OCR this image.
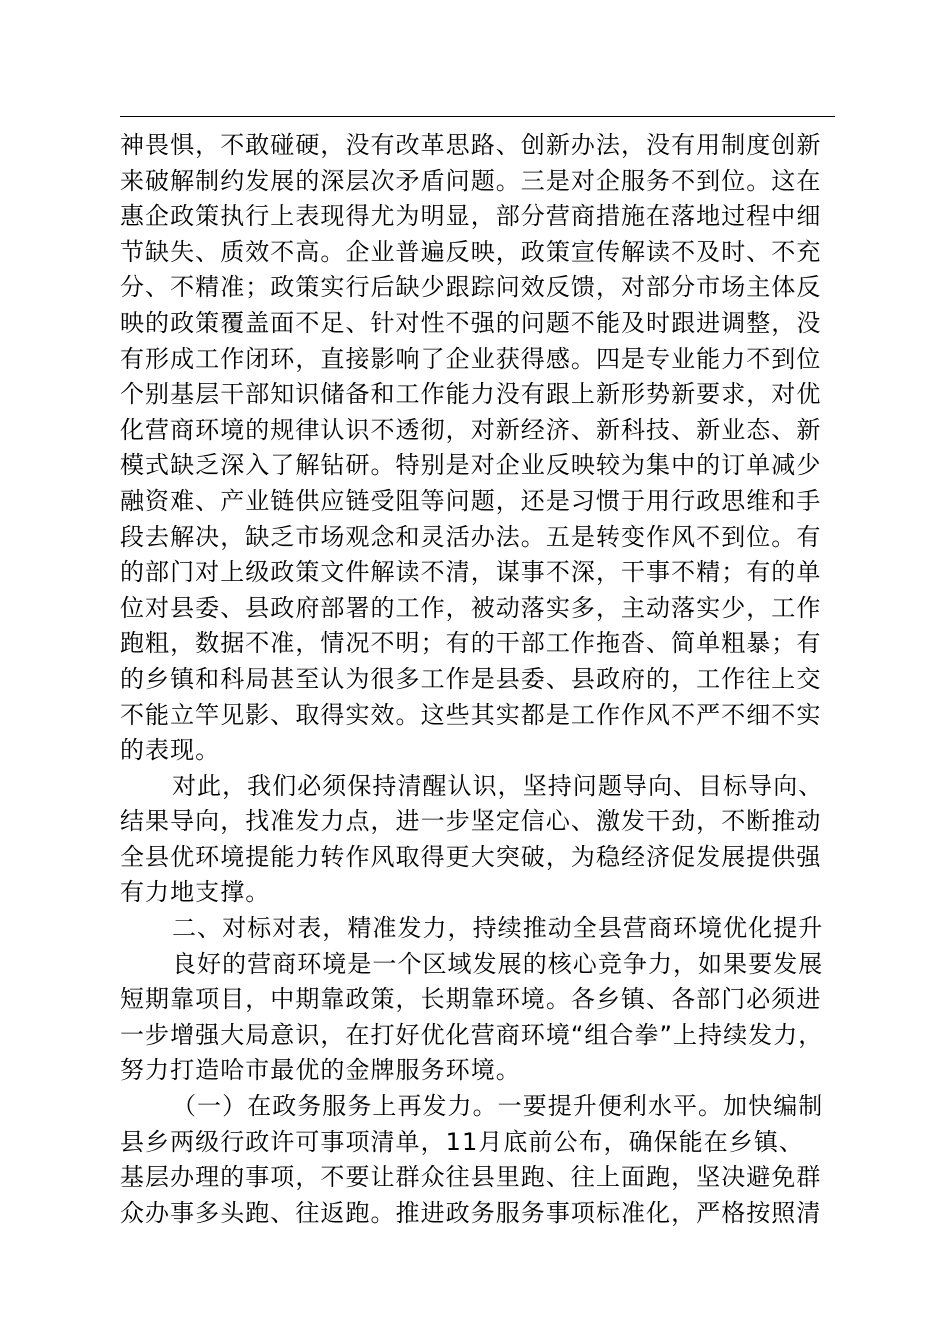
神畏惧，不敢碰硬，没有改革思路、创新办法，没有用制度创新
来破解制约发展的深层次矛盾问题。三是对企服务不到位。这在
惠企政策执行上表现得尤为明显，部分营商措施在落地过程中细
节缺失、质效不高。企业普遍反映，政策宣传解读不及时、不充
分、不精准；政策实行后缺少跟踪问效反馈，对部分市场主体反
映的政策覆盖面不足、针对性不强的问题不能及时跟进调整，没
有形成工作闭环，直接影响了企业获得感。四是专业能力不到位
个别基层干部知识储备和工作能力没有跟上新形势新要求，对优
化营商环境的规律认识不透彻，对新经济、新科技、新业态、新
模式缺乏深入了解钻研。特别是对企业反映较为集中的订单减少
融资难、产业链供应链受阻等问题，还是习惯于用行政思维和手
段去解决，缺乏市场观念和灵活办法。五是转变作风不到位。有
的部门对上级政策文件解读不清，谋事不深，干事不精；有的单
位对县委、县政府部署的工作，被动落实多，主动落实少，工作
跑粗，数据不准，情况不明；有的干部工作拖沓、简单粗暴；有
的乡镇和科局甚至认为很多工作是县委、县政府的，工作往上交
不能立竿见影、取得实效。这些其实都是工作作风不严不细不实
的表现。
对此，我们必须保持清醒认识，坚持问题导向、目标导向、
结果导向，找准发力点，进一步坚定信心、激发干劲，不断推动
全县优环境提能力转作风取得更大突破，为稳经济促发展提供强
有力地支撑。
二、对标对表，精准发力，持续推动全县营商环境优化提升
良好的营商环境是一个区域发展的核心竞争力，如果要发展
短期靠项目，中期靠政策，长期靠环境。各乡镇、各部门必须进
一步增强大局意识，在打好优化营商环境“组合拳”上持续发力，
努力打造哈市最优的金牌服务环境。
（一）在政务服务上再发力。一要提升便利水平。加快编制
县乡两级行政许可事项清单，11月底前公布，确保能在乡镇、
基层办理的事项，不要让群众往县里跑、往上面跑，坚决避免群
众办事多头跑、往返跑。推进政务服务事项标准化，严格按照清
